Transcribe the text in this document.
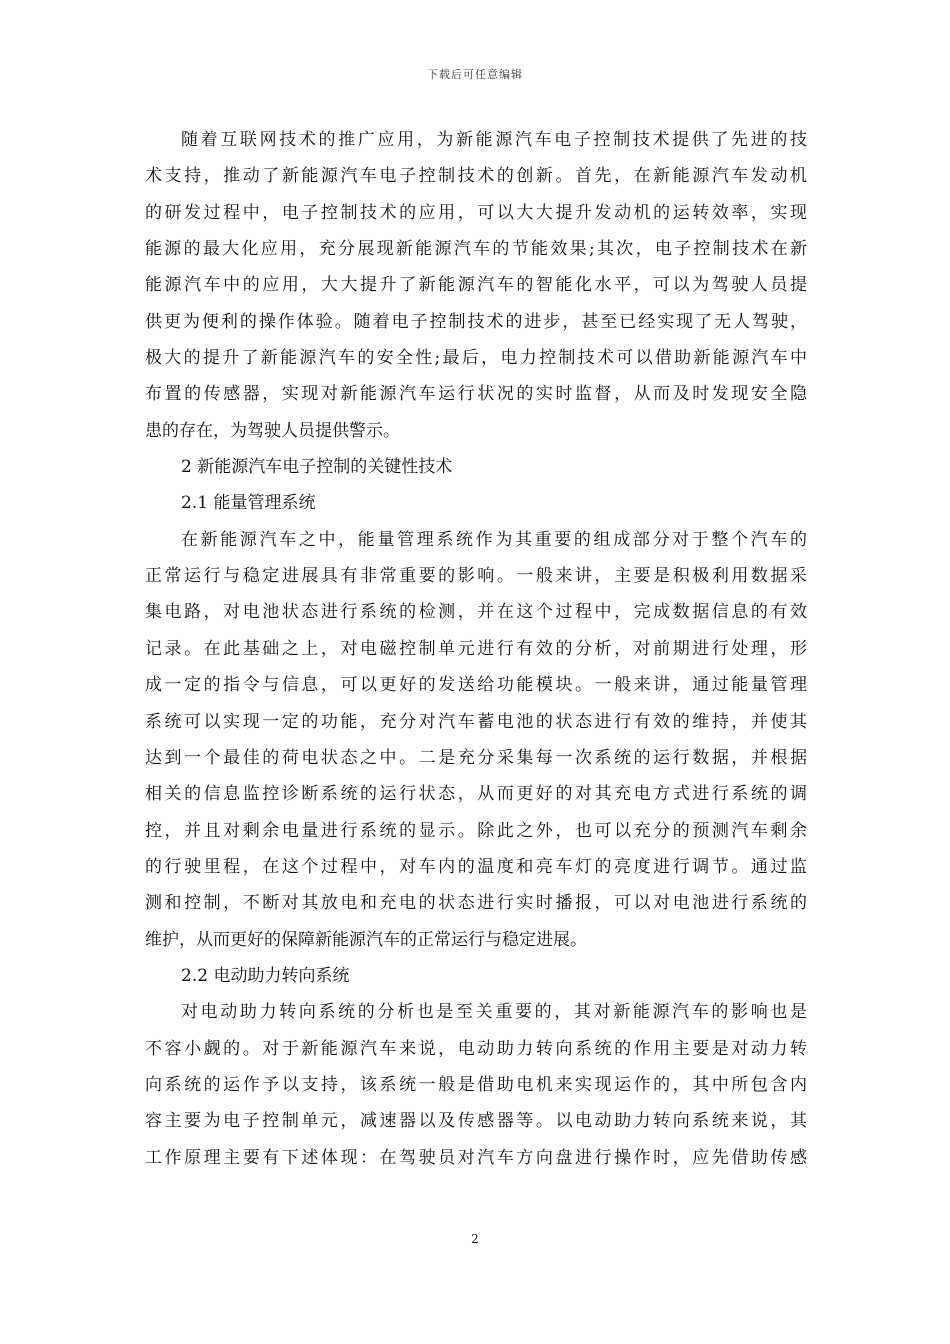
下载后可任意编辑
随着互联网技术的推广应用，为新能源汽车电子控制技术提供了先进的技
术支持，推动了新能源汽车电子控制技术的创新。首先，在新能源汽车发动机
的研发过程中，电子控制技术的应用，可以大大提升发动机的运转效率，实现
能源的最大化应用，充分展现新能源汽车的节能效果;其次，电子控制技术在新
能源汽车中的应用，大大提升了新能源汽车的智能化水平，可以为驾驶人员提
供更为便利的操作体验。随着电子控制技术的进步，甚至已经实现了无人驾驶，
极大的提升了新能源汽车的安全性;最后，电力控制技术可以借助新能源汽车中
布置的传感器，实现对新能源汽车运行状况的实时监督，从而及时发现安全隐
患的存在，为驾驶人员提供警示。
2 新能源汽车电子控制的关键性技术
2.1 能量管理系统
在新能源汽车之中，能量管理系统作为其重要的组成部分对于整个汽车的
正常运行与稳定进展具有非常重要的影响。一般来讲，主要是积极利用数据采
集电路，对电池状态进行系统的检测，并在这个过程中，完成数据信息的有效
记录。在此基础之上，对电磁控制单元进行有效的分析，对前期进行处理，形
成一定的指令与信息，可以更好的发送给功能模块。一般来讲，通过能量管理
系统可以实现一定的功能，充分对汽车蓄电池的状态进行有效的维持，并使其
达到一个最佳的荷电状态之中。二是充分采集每一次系统的运行数据，并根据
相关的信息监控诊断系统的运行状态，从而更好的对其充电方式进行系统的调
控，并且对剩余电量进行系统的显示。除此之外，也可以充分的预测汽车剩余
的行驶里程，在这个过程中，对车内的温度和亮车灯的亮度进行调节。通过监
测和控制，不断对其放电和充电的状态进行实时播报，可以对电池进行系统的
维护，从而更好的保障新能源汽车的正常运行与稳定进展。
2.2 电动助力转向系统
对电动助力转向系统的分析也是至关重要的，其对新能源汽车的影响也是
不容小觑的。对于新能源汽车来说，电动助力转向系统的作用主要是对动力转
向系统的运作予以支持，该系统一般是借助电机来实现运作的，其中所包含内
容主要为电子控制单元，减速器以及传感器等。以电动助力转向系统来说，其
工作原理主要有下述体现：在驾驶员对汽车方向盘进行操作时，应先借助传感
2
